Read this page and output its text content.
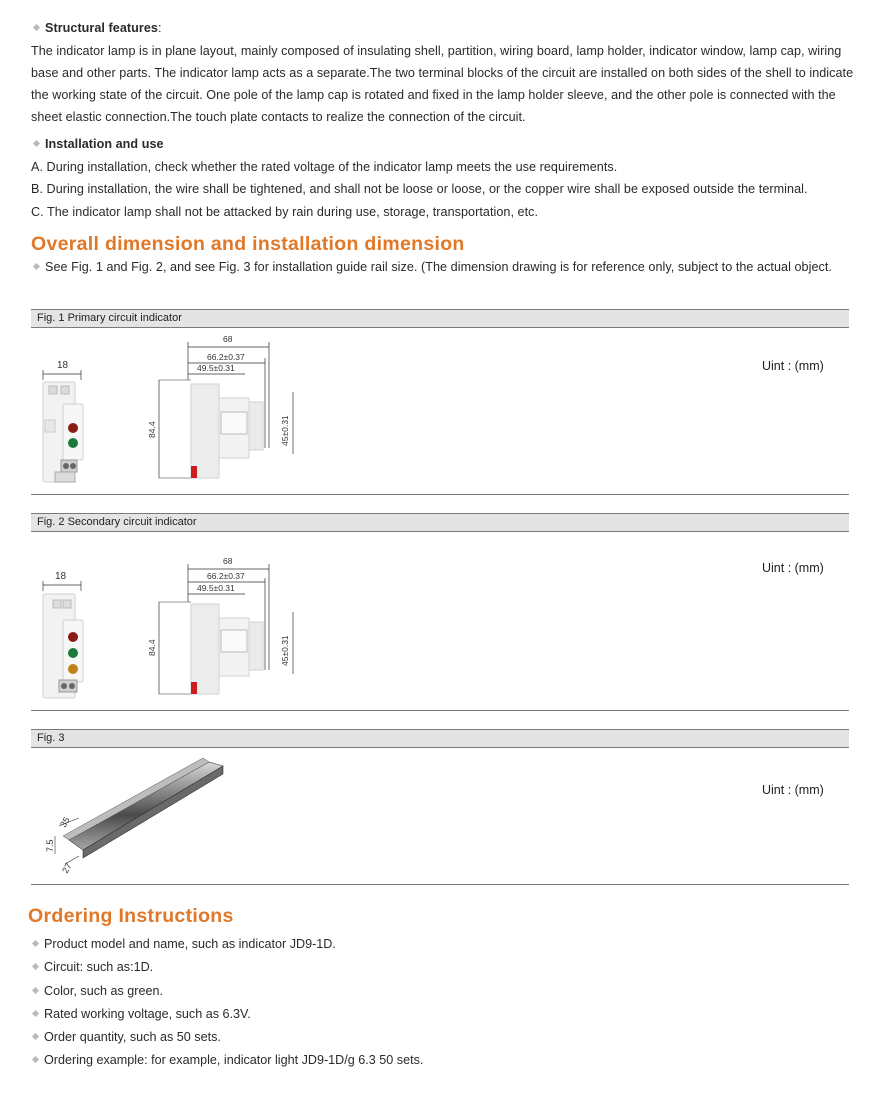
Structural features:
The indicator lamp is in plane layout, mainly composed of insulating shell, partition, wiring board, lamp holder, indicator window, lamp cap, wiring base and other parts. The indicator lamp acts as a separate.The two terminal blocks of the circuit are installed on both sides of the shell to indicate the working state of the circuit. One pole of the lamp cap is rotated and fixed in the lamp holder sleeve, and the other pole is connected with the sheet elastic connection.The touch plate contacts to realize the connection of the circuit.
Installation and use
A. During installation, check whether the rated voltage of the indicator lamp meets the use requirements.
B. During installation, the wire shall be tightened, and shall not be loose or loose, or the copper wire shall be exposed outside the terminal.
C. The indicator lamp shall not be attacked by rain during use, storage, transportation, etc.
Overall dimension and installation dimension
See Fig. 1 and Fig. 2, and see Fig. 3 for installation guide rail size. (The dimension drawing is for reference only, subject to the actual object.
Fig. 1 Primary circuit indicator
Uint : (mm)
18
68
66.2±0.37
49.5±0.31
84.4	45±0.31
Fig. 2 Secondary circuit indicator
Uint : (mm)
18
68
66.2±0.37
49.5±0.31
84.4	45±0.31
Fig. 3
Uint : (mm)
35
7.5
27
Ordering Instructions
Product model and name, such as indicator JD9-1D.
Circuit: such as:1D.
Color, such as green.
Rated working voltage, such as 6.3V.
Order quantity, such as 50 sets.
Ordering example: for example, indicator light JD9-1D/g 6.3 50 sets.
